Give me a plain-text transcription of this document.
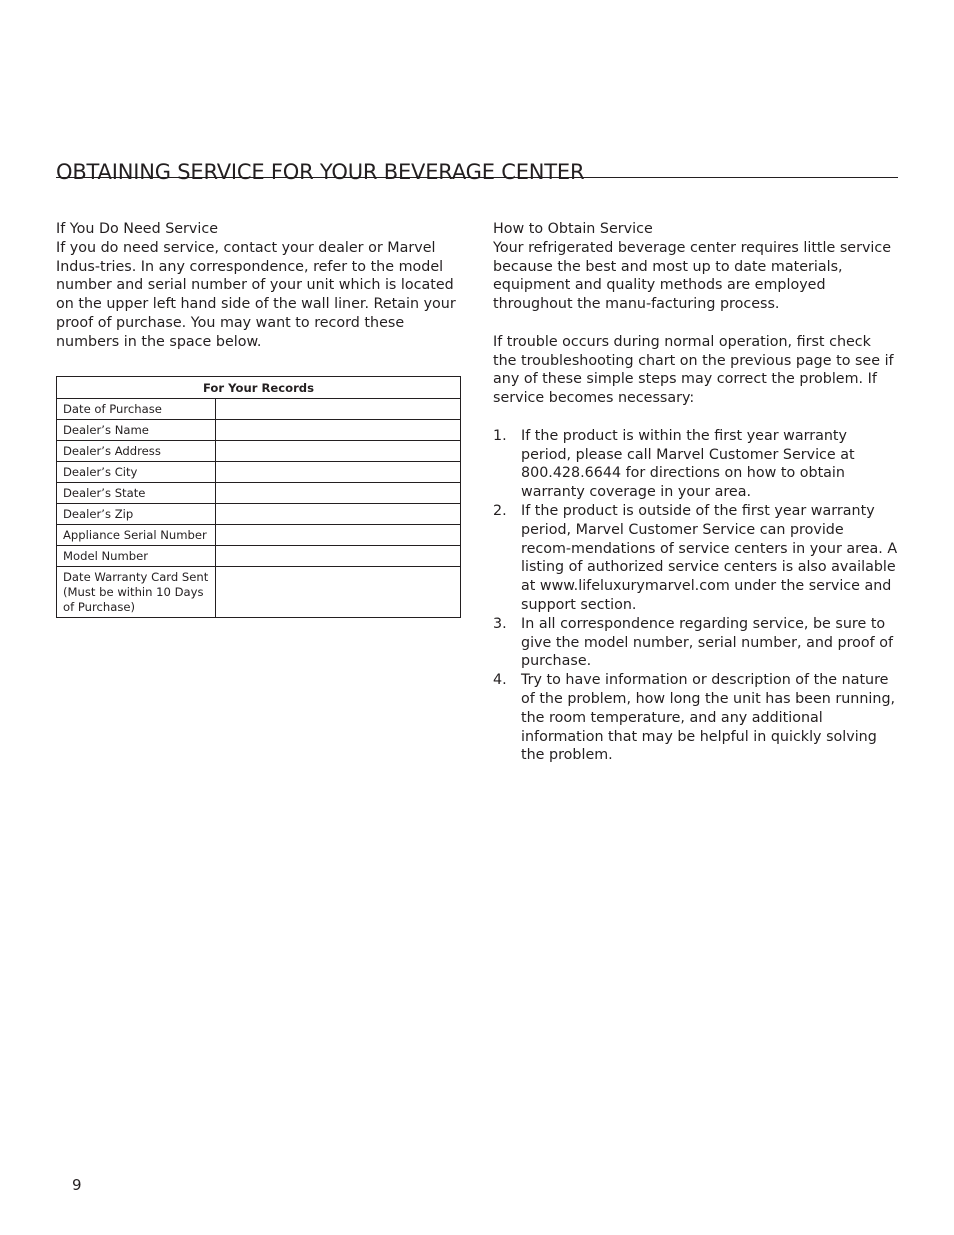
OBTAINING SERVICE FOR YOUR BEVERAGE CENTER
If You Do Need Service

If you do need service, contact your dealer or Marvel Indus-tries. In any correspondence, refer to the model number and serial number of your unit which is located on the upper left hand side of the wall liner. Retain your proof of purchase. You may want to record these numbers in the space below.

For Your Records	
Date of Purchase	
Dealer’s Name	
Dealer’s Address	
Dealer’s City	
Dealer’s State	
Dealer’s Zip	
Appliance Serial Number	
Model Number	
Date Warranty Card Sent (Must be within 10 Days of Purchase)	
How to Obtain Service

Your refrigerated beverage center requires little service because the best and most up to date materials, equipment and quality methods are employed throughout the manu-facturing process.

If trouble occurs during normal operation, first check the troubleshooting chart on the previous page to see if any of these simple steps may correct the problem. If service becomes necessary:

1. If the product is within the first year warranty period, please call Marvel Customer Service at 800.428.6644 for directions on how to obtain warranty coverage in your area.
2. If the product is outside of the first year warranty period, Marvel Customer Service can provide recom-mendations of service centers in your area. A listing of authorized service centers is also available at www.lifeluxurymarvel.com under the service and support section.
3. In all correspondence regarding service, be sure to give the model number, serial number, and proof of purchase.
4. Try to have information or description of the nature of the problem, how long the unit has been running, the room temperature, and any additional information that may be helpful in quickly solving the problem.
9
